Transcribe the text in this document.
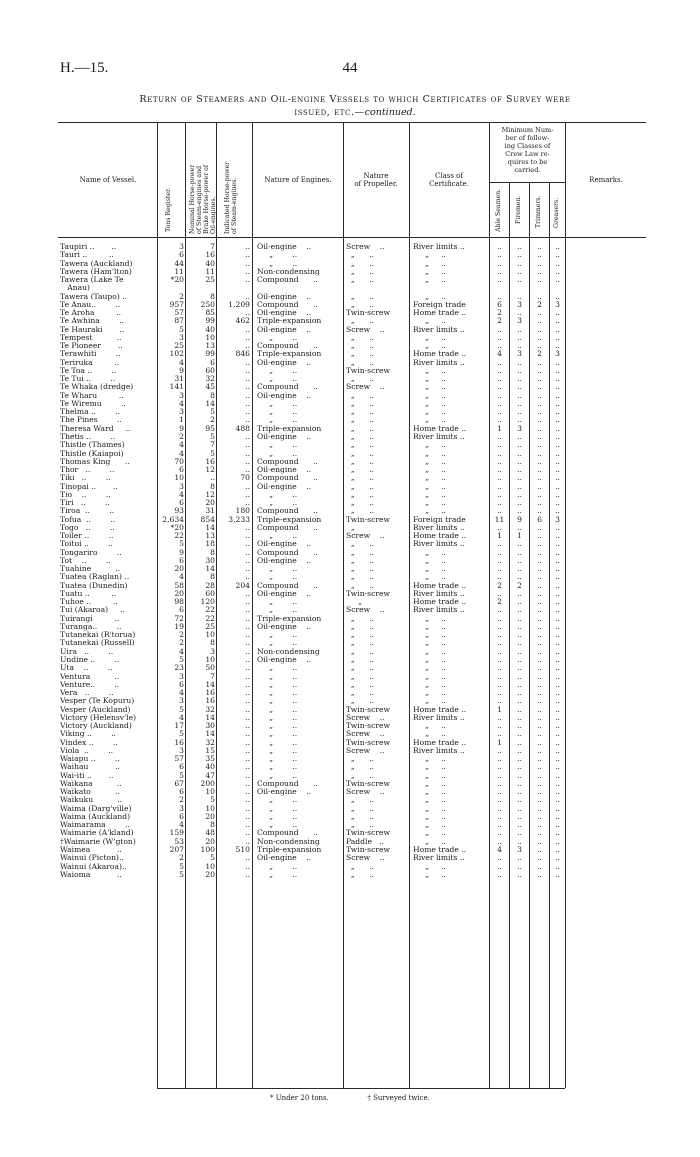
H.—15.	44
Return of Steamers and Oil-engine Vessels to which Certificates of Survey were
issued, etc.—continued.
Name of Vessel.
Tons Register.	Nominal Horse-power of Steam-engines and Brake Horse-power of Oil-engines. Indicated Horse-power of Steam-engines.	Nature of Engines.	Nature
of Propeller.
Class of
Certificate.
Minimum Num-
ber of follow-
ing Classes of
Crew Law re-
quires to be
carried.
Able Seamen. Firemen. Trimmers. Greasers.
Remarks.
Taupiri ..       ..	3	7	.. Oil-engine    ..	Screw    ..	River limits ..	..	..	..	..
Tauri ..         ..	6	16	.. „        ..	„      ..	„     ..	..	..	..	..
Tawera (Auckland)	44	40	.. „        ..	„      ..	„     ..	..	..	..	..
Tawera (Ham'lton)	11	11	.. Non-condensing	„      ..	„     ..	..	..	..	..
Tawera (Lake Te	*20	25	.. Compound      ..	„      ..	„     ..	..	..	..	..
Anau)
Tawera (Taupo) ..	2	8	.. Oil-engine    ..	„      ..	„     ..	..	..	..	..
Te Anau..        ..	957	250	1,209 Compound      ..	„      ..	Foreign trade	6	3	2	3
Te Aroha         ..	57	85	.. Oil-engine    ..	Twin-screw	Home trade ..	2	..	..	..
Te Awhina        ..	87	99	462 Triple-expansion	„      ..	„     ..	2	3	..	..
Te Hauraki       ..	5	40	.. Oil-engine    ..	Screw    ..	River limits ..	..	..	..	..
Tempest          ..	3	10	.. „        ..	„      ..	„     ..	..	..	..	..
Te Pioneer       ..	25	13	.. Compound      ..	„      ..	„     ..	..	..	..	..
Terawhiti        ..	102	99	846 Triple-expansion	„      ..	Home trade ..	4	3	2	3
Teriruka         ..	4	6	.. Oil-engine    ..	„      ..	River limits ..	..	..	..	..
Te Toa ..        ..	9	60	.. „        ..	Twin-screw	„     ..	..	..	..	..
Te Tui ..        ..	31	32	.. „        ..	„      ..	„     ..	..	..	..	..
Te Whaka (dredge)	141	45	.. Compound      ..	Screw    ..	„     ..	..	..	..	..
Te Wharu         ..	3	8	.. Oil-engine    ..	„      ..	„     ..	..	..	..	..
Te Wiremu        ..	4	14	.. „        ..	„      ..	„     ..	..	..	..	..
Thelma ..        ..	3	5	.. „        ..	„      ..	„     ..	..	..	..	..
The Pines        ..	1	2	.. „        ..	„      ..	„     ..	..	..	..	..
Theresa Ward     ..	9	95	488 Triple-expansion	„      ..	Home trade ..	1	3	..	..
Thetis ..        ..	2	5	.. Oil-engine    ..	„      ..	River limits ..	..	..	..	..
Thistle (Thames)	4	7	.. „        ..	„      ..	„     ..	..	..	..	..
Thistle (Kaiapoi)	4	5	.. „        ..	„      ..	„     ..	..	..	..	..
Thomas King      ..	70	16	.. Compound      ..	„      ..	„     ..	..	..	..	..
Thor   ..        ..	6	12	.. Oil-engine    ..	„      ..	„     ..	..	..	..	..
Tiki   ..        ..	10	..	70 Compound      ..	„      ..	„     ..	..	..	..	..
Tinopai ..       ..	3	8	.. Oil-engine    ..	„      ..	„     ..	..	..	..	..
Tio    ..        ..	4	12	.. „        ..	„      ..	„     ..	..	..	..	..
Tiri   ..        ..	6	20	.. „        ..	„      ..	„     ..	..	..	..	..
Tiroa  ..        ..	93	31	180 Compound      ..	„      ..	„     ..	..	..	..	..
Tofua  ..        ..	2,634	854	3,233 Triple-expansion	Twin-screw	Foreign trade	11	9	6	3
Togo   ..        ..	*20	14	.. Compound      ..	„	River limits ..	..	..	..	..
Toiler ..        ..	22	13	.. „        ..	Screw    ..	Home trade ..	1	1	..	..
Toitoi ..        ..	5	18	.. Oil-engine    ..	„      ..	River limits ..	..	..	..	..
Tongariro        ..	9	8	.. Compound      ..	„      ..	„     ..	..	..	..	..
Tot    ..        ..	6	30	.. Oil-engine    ..	„      ..	„     ..	..	..	..	..
Tuahine          ..	20	14	.. „        ..	„      ..	„     ..	..	..	..	..
Tuatea (Raglan) ..	4	8	.. „        ..	„      ..	„     ..	..	..	..	..
Tuatea (Dunedin)	58	28	204 Compound      ..	„      ..	Home trade ..	2	2	..	..
Tuatu ..         ..	20	60	.. Oil-engine    ..	Twin-screw	River limits ..	..	..	..	..
Tuhoe ..         ..	98	120	.. „        ..	„	Home trade ..	2	..	..	..
Tui (Akaroa)     ..	6	22	.. „        ..	Screw    ..	River limits ..	..	..	..	..
Tuirangi         ..	72	22	.. Triple-expansion	„      ..	„     ..	..	..	..	..
Turanga..        ..	19	25	.. Oil-engine    ..	„      ..	„     ..	..	..	..	..
Tutanekai (R'torua)	2	10	.. „        ..	„      ..	„     ..	..	..	..	..
Tutanekai (Russell)	2	8	.. „        ..	„      ..	„     ..	..	..	..	..
Uira   ..        ..	4	3	.. Non-condensing	„      ..	„     ..	..	..	..	..
Undine ..        ..	5	10	.. Oil-engine    ..	„      ..	„     ..	..	..	..	..
Uta    ..        ..	23	50	.. „        ..	„      ..	„     ..	..	..	..	..
Ventura          ..	3	7	.. „        ..	„      ..	„     ..	..	..	..	..
Venture..        ..	6	14	.. „        ..	„      ..	„     ..	..	..	..	..
Vera   ..        ..	4	16	.. „        ..	„      ..	„     ..	..	..	..	..
Vesper (Te Kopuru)	3	16	.. „        ..	„      ..	„     ..	..	..	..	..
Vesper (Auckland)	5	32	.. „        ..	Twin-screw	Home trade ..	1	..	..	..
Victory (Helensv'le)	4	14	.. „        ..	Screw    ..	River limits ..	..	..	..	..
Victory (Auckland)	17	30	.. „        ..	Twin-screw	„     ..	..	..	..	..
Viking ..        ..	5	14	.. „        ..	Screw    ..	„     ..	..	..	..	..
Vindex ..        ..	16	32	.. „        ..	Twin-screw	Home trade ..	1	..	..	..
Viola  ..        ..	3	15	.. „        ..	Screw    ..	River limits ..	..	..	..	..
Waiapu ..        ..	57	35	.. „        ..	„      ..	„     ..	..	..	..	..
Waihau           ..	6	40	.. „        ..	„      ..	„     ..	..	..	..	..
Wai-iti ..       ..	5	47	.. „        ..	„      ..	„     ..	..	..	..	..
Waikana          ..	67	200	.. Compound      ..	Twin-screw	„     ..	..	..	..	..
Waikato          ..	6	10	.. Oil-engine    ..	Screw    ..	„     ..	..	..	..	..
Waikuku          ..	2	5	.. „        ..	„      ..	„     ..	..	..	..	..
Waima (Darg'ville)	3	10	.. „        ..	„      ..	„     ..	..	..	..	..
Waima (Auckland)	6	20	.. „        ..	„      ..	„     ..	..	..	..	..
Waimarama        ..	4	8	.. „        ..	„      ..	„     ..	..	..	..	..
Waimarie (A'kland)	159	48	.. Compound      ..	Twin-screw	„     ..	..	..	..	..
†Waimarie (W'gton)	53	20	.. Non-condensing	Paddle   ..	„     ..	..	..	..	..
Waimea           ..	207	100	510 Triple-expansion	Twin-screw	Home trade ..	4	3	..	..
Wainui (Picton)..	2	5	.. Oil-engine    ..	Screw    ..	River limits ..	..	..	..	..
Wainui (Akaroa)..	5	10	.. „        ..	„      ..	„     ..	..	..	..	..
Waioma           ..	5	20	.. „        ..	„      ..	„     ..	..	..	..	..
* Under 20 tons.	† Surveyed twice.
